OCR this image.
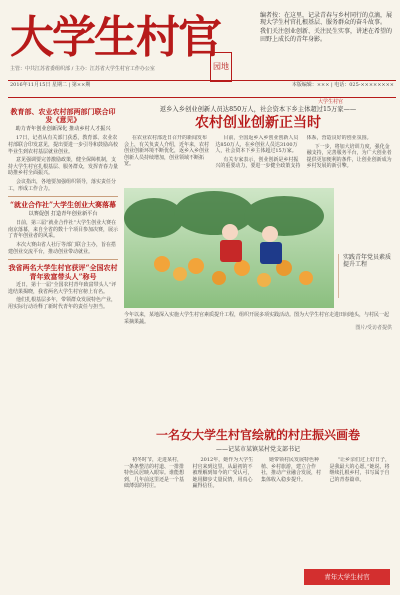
大学生村官
园地
主管：中共江苏省委组织部 / 主办：江苏省大学生村官工作办公室

编者按：在这里，记录青春与乡村同行的点滴，展现大学生村官扎根基层、服务群众的奋斗故事。

我们关注创业创新、关注民生实事，讲述在希望的田野上成长的青年身影。

2016年11月15日 星期二 | 第××期	本版编辑：××× | 电话：025-××××××××
大学生村官
教育部、农业农村部两部门联合印发《意见》
助力青年创业创新深化 推动乡村人才振兴

17日，记者从有关部门获悉，教育部、农业农村部联合印发意见，提出要进一步引导和鼓励高校毕业生到农村基层就业创业。

意见强调要完善激励政策，健全保障机制，支持大学生村官扎根基层、服务群众，发挥青春力量助推乡村全面振兴。

会议指出，各地要加强组织领导，落实责任分工，形成工作合力。

“就业合作社”大学生创业大赛落幕
以赛促创 打造青年创业新平台

日前，第三届“就业合作社”大学生创业大赛在南京落幕，来自全省的数十个项目参加决赛，展示了青年创业者的风采。

本次大赛由省人社厅等部门联合主办，旨在搭建创业交流平台，推动创业带动就业。

我省两名大学生村官获评“全国农村青年致富带头人”称号

近日，第十一届“全国农村青年致富带头人”评选结果揭晓，我省两名大学生村官榜上有名。

他们扎根基层多年，带领群众发展特色产业，用实际行动诠释了新时代青年的责任与担当。

返乡入乡创业创新人员达850万人，社会资本下乡主体超过15万家——

农村创业创新正当时

在农业农村部近日召开的新闻发布会上，有关负责人介绍，近年来，农村创业创新环境不断优化，返乡入乡创业创新人员持续增加，创业领域不断拓宽。

目前，全国返乡入乡创业创新人员达850万人，在乡创业人员达3100万人，社会资本下乡主体超过15万家。

有关专家表示，创业创新是乡村振兴的重要动力，要进一步健全政策支持体系，营造良好的创业氛围。

下一步，将加大培训力度，强化金融支持，完善服务平台，为广大创业者提供更加便利的条件，让创业创新成为乡村发展的新引擎。

实践青年党员素质提升工程
今年以来，某地深入实施大学生村官素质提升工程，组织开展多项实践活动。图为大学生村官走进田间地头，与村民一起采摘果蔬。
图片/受访者提供
一名女大学生村官绘就的村庄振兴画卷
——记某市某镇某村党支部书记

初冬时节，走进某村，一条条整洁的村道、一排排特色民居映入眼帘。谁能想到，几年前这里还是一个基础薄弱的村庄。

2012年，她作为大学生村官来到这里。从最初的不被理解到如今的广受认可，她用脚步丈量民情，用真心赢得信任。

她带领村民发展特色种植、乡村旅游，建立合作社，推动产业融合发展，村集体收入稳步提升。

“让乡亲们过上好日子，是我最大的心愿。”她说，将继续扎根乡村，书写属于自己的青春篇章。

青年大学生村官
